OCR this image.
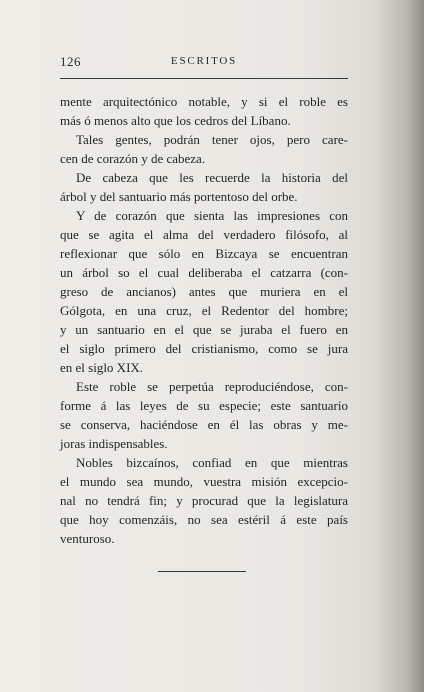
126	ESCRITOS
mente arquitectónico notable, y si el roble es
más ó menos alto que los cedros del Líbano.
Tales gentes, podrán tener ojos, pero care-
cen de corazón y de cabeza.
De cabeza que les recuerde la historia del
árbol y del santuario más portentoso del orbe.
Y de corazón que sienta las impresiones con
que se agita el alma del verdadero filósofo, al
reflexionar que sólo en Bizcaya se encuentran
un árbol so el cual deliberaba el catzarra (con-
greso de ancianos) antes que muriera en el
Gólgota, en una cruz, el Redentor del hombre;
y un santuario en el que se juraba el fuero en
el siglo primero del cristianismo, como se jura
en el siglo XIX.
Este roble se perpetúa reproduciéndose, con-
forme á las leyes de su especie; este santuario
se conserva, haciéndose en él las obras y me-
joras indispensables.
Nobles bizcaínos, confiad en que mientras
el mundo sea mundo, vuestra misión excepcio-
nal no tendrá fin; y procurad que la legislatura
que hoy comenzáis, no sea estéril á este país
venturoso.
